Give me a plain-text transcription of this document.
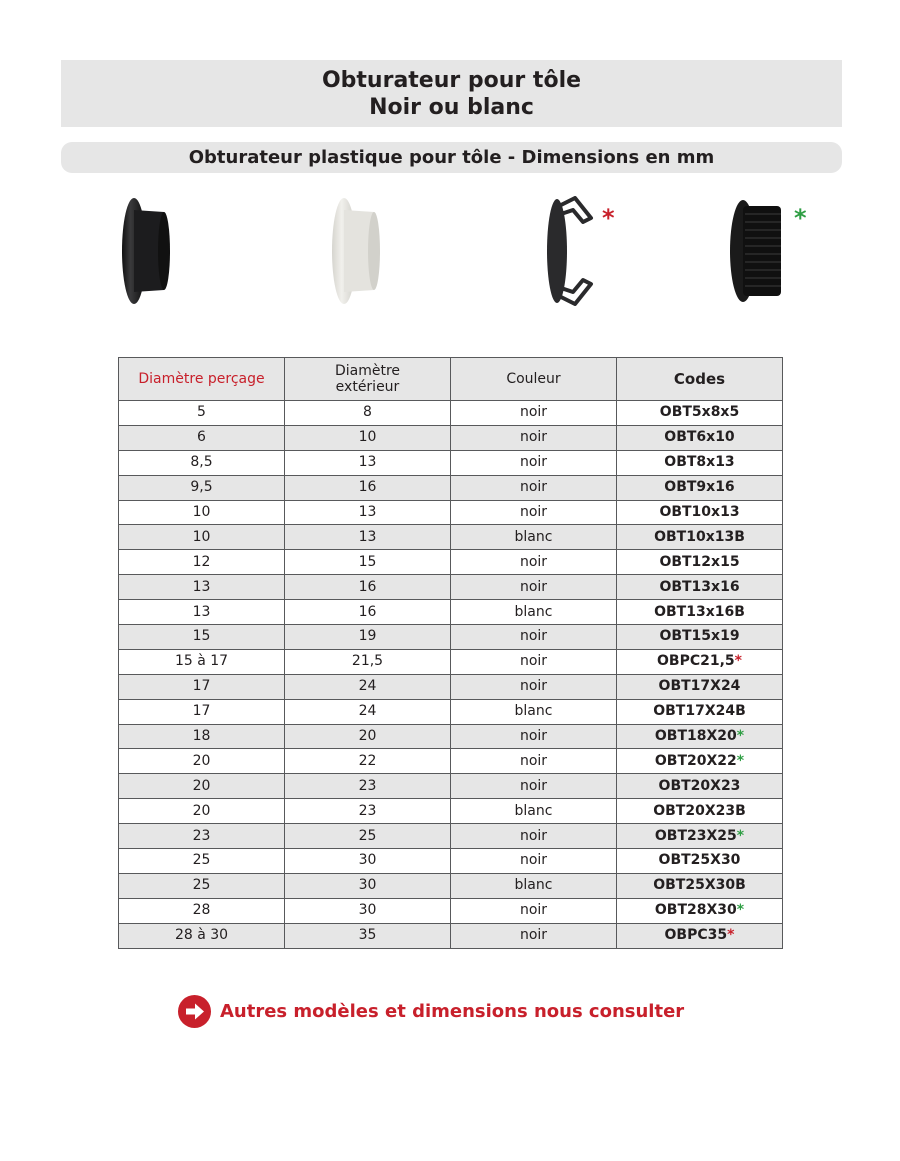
Obturateur pour tôle
Noir ou blanc
Obturateur plastique pour tôle - Dimensions en mm
*	*
Diamètre perçage	Diamètre
extérieur	Couleur	Codes
5	8	noir	OBT5x8x5
6	10	noir	OBT6x10
8,5	13	noir	OBT8x13
9,5	16	noir	OBT9x16
10	13	noir	OBT10x13
10	13	blanc	OBT10x13B
12	15	noir	OBT12x15
13	16	noir	OBT13x16
13	16	blanc	OBT13x16B
15	19	noir	OBT15x19
15 à 17	21,5	noir	OBPC21,5*
17	24	noir	OBT17X24
17	24	blanc	OBT17X24B
18	20	noir	OBT18X20*
20	22	noir	OBT20X22*
20	23	noir	OBT20X23
20	23	blanc	OBT20X23B
23	25	noir	OBT23X25*
25	30	noir	OBT25X30
25	30	blanc	OBT25X30B
28	30	noir	OBT28X30*
28 à 30	35	noir	OBPC35*
Autres modèles et dimensions nous consulter
